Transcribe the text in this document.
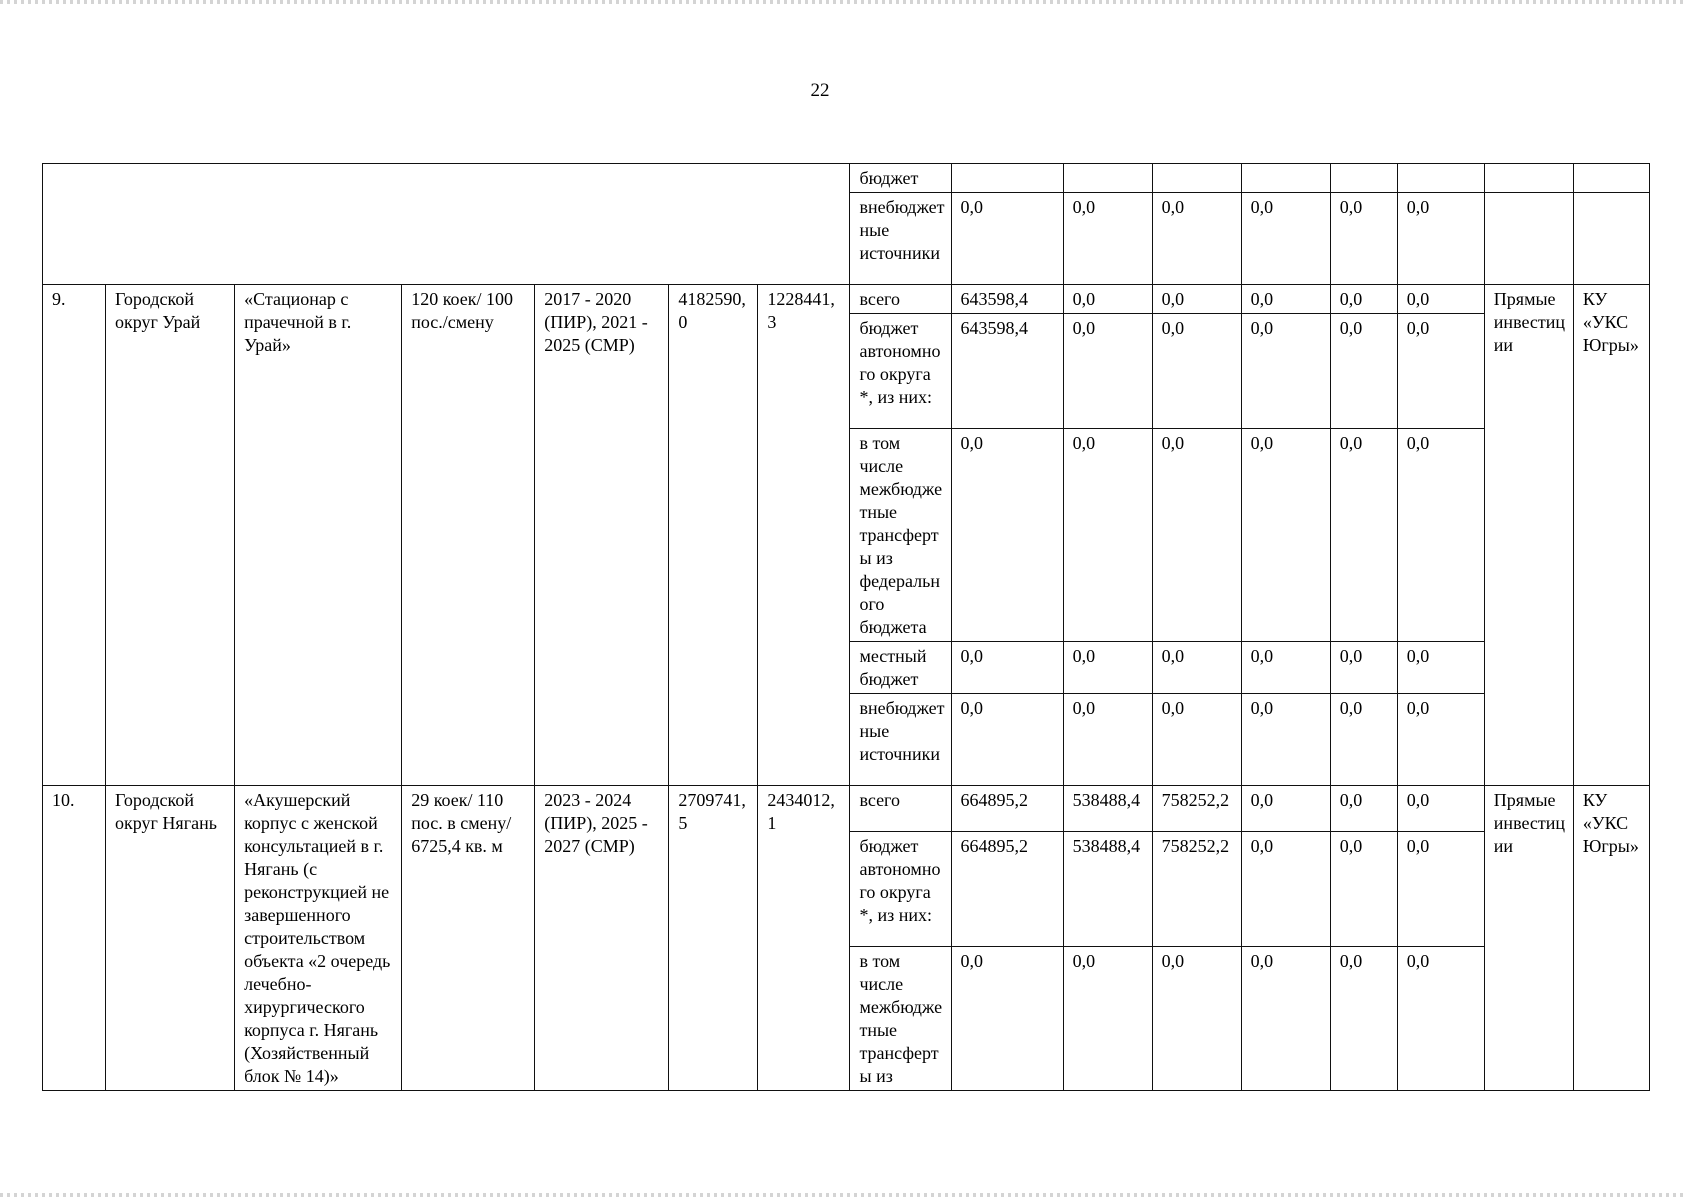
22
							бюджет								
							внебюджетные источники	0,0	0,0	0,0	0,0	0,0	0,0		
9.	Городской округ Урай	«Стационар с прачечной в г. Урай»	120 коек/ 100 пос./смену	2017 - 2020 (ПИР), 2021 - 2025 (СМР)	4182590,0	1228441,3	всего	643598,4	0,0	0,0	0,0	0,0	0,0	Прямые инвестиции	КУ «УКС Югры»
							бюджет автономного округа *, из них:	643598,4	0,0	0,0	0,0	0,0	0,0		
							в том числе межбюджетные трансферты из федерального бюджета	0,0	0,0	0,0	0,0	0,0	0,0		
							местный бюджет	0,0	0,0	0,0	0,0	0,0	0,0		
							внебюджетные источники	0,0	0,0	0,0	0,0	0,0	0,0		
10.	Городской округ Нягань	«Акушерский корпус с женской консультацией в г. Нягань (с реконструкцией не завершенного строительством объекта «2 очередь лечебно-хирургического корпуса г. Нягань (Хозяйственный блок № 14)»	29 коек/ 110 пос. в смену/ 6725,4 кв. м	2023 - 2024 (ПИР), 2025 - 2027 (СМР)	2709741,5	2434012,1	всего	664895,2	538488,4	758252,2	0,0	0,0	0,0	Прямые инвестиции	КУ «УКС Югры»
							бюджет автономного округа *, из них:	664895,2	538488,4	758252,2	0,0	0,0	0,0		
							в том числе межбюджетные трансферты из	0,0	0,0	0,0	0,0	0,0	0,0		
